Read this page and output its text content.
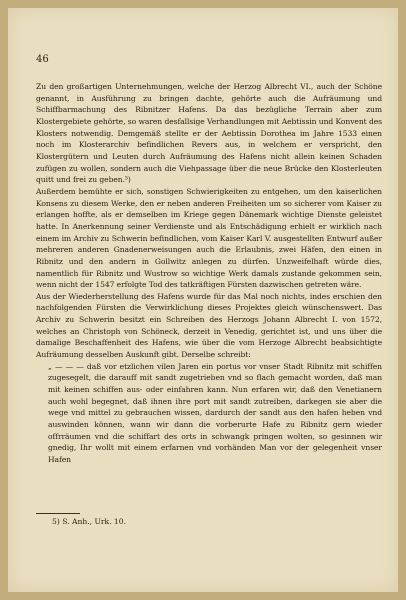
46

Zu den großartigen Unternehmungen, welche der Herzog Albrecht VI., auch der Schöne genannt, in Ausführung zu bringen dachte, gehörte auch die Aufräumung und Schiffbarmachung des Ribnitzer Hafens. Da das bezügliche Terrain aber zum Klostergebiete gehörte, so waren desfallsige Verhandlungen mit Aebtissin und Konvent des Klosters notwendig. Demgemäß stellte er der Aebtissin Dorothea im Jahre 1533 einen noch im Klosterarchiv befindlichen Revers aus, in welchem er verspricht, den Klostergütern und Leuten durch Aufräumung des Hafens nicht allein keinen Schaden zufügen zu wollen, sondern auch die Viehpassage über die neue Brücke den Klosterleuten quitt und frei zu geben.⁵)

Außerdem bemühte er sich, sonstigen Schwierigkeiten zu entgehen, um den kaiserlichen Konsens zu diesem Werke, den er neben anderen Freiheiten um so sicherer vom Kaiser zu erlangen hoffte, als er demselben im Kriege gegen Dänemark wichtige Dienste geleistet hatte. In Anerkennung seiner Verdienste und als Entschädigung erhielt er wirklich nach einem im Archiv zu Schwerin befindlichen, vom Kaiser Karl V. ausgestellten Entwurf außer mehreren anderen Gnadenerweisungen auch die Erlaubnis, zwei Häfen, den einen in Ribnitz und den andern in Gollwitz anlegen zu dürfen. Unzweifelhaft würde dies, namentlich für Ribnitz und Wustrow so wichtige Werk damals zustande gekommen sein, wenn nicht der 1547 erfolgte Tod des tatkräftigen Fürsten dazwischen getreten wäre.

Aus der Wiederherstellung des Hafens wurde für das Mal noch nichts, indes erschien den nachfolgenden Fürsten die Verwirklichung dieses Projektes gleich wünschenswert. Das Archiv zu Schwerin besitzt ein Schreiben des Herzogs Johann Albrecht I. von 1572, welches an Christoph von Schöneck, derzeit in Venedig, gerichtet ist, und uns über die damalige Beschaffenheit des Hafens, wie über die vom Herzoge Albrecht beabsichtigte Aufräumung desselben Auskunft gibt. Derselbe schreibt:

„ — — — daß vor etzlichen vilen Jaren ein portus vor vnser Stadt Ribnitz mit schiffen zugesegelt, die darauff mit sandt zugetrieben vnd so flach gemacht worden, daß man mit keinen schiffen aus- oder einfahren kann. Nun erfaren wir, daß den Venetianern auch wohl begegnet, daß ihnen ihre port mit sandt zutreiben, darkegen sie aber die wege vnd mittel zu gebrauchen wissen, dardurch der sandt aus den hafen heben vnd auswinden können, wann wir dann die vorberurte Hafe zu Ribnitz gern wieder offrräumen vnd die schiffart des orts in schwangk pringen wolten, so gesinnen wir gnedig, Ihr wollt mit einem erfarnen vnd vorhänden Man vor der gelegenheit vnser Hafen

5) S. Anh., Urk. 10.
